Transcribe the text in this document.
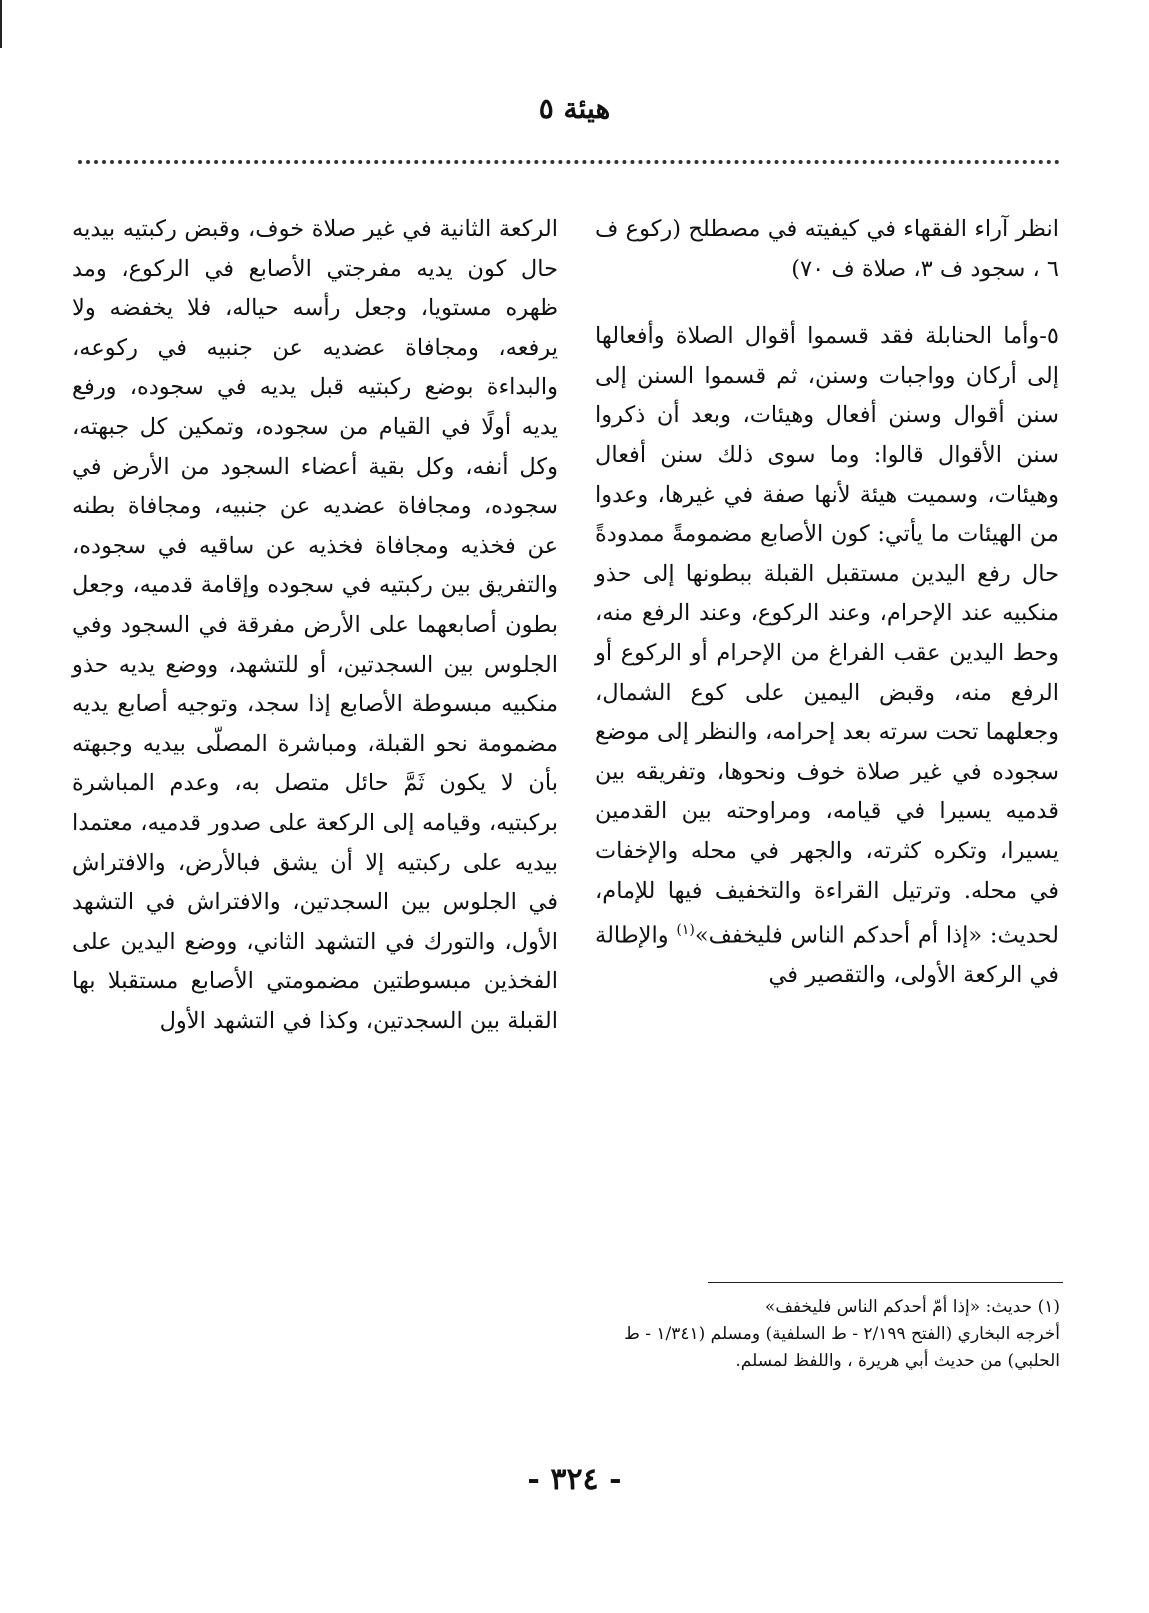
هيئة ٥

انظر آراء الفقهاء في كيفيته في مصطلح (ركوع ف ٦ ، سجود ف ٣، صلاة ف ٧٠)

٥-وأما الحنابلة فقد قسموا أقوال الصلاة وأفعالها إلى أركان وواجبات وسنن، ثم قسموا السنن إلى سنن أقوال وسنن أفعال وهيئات، وبعد أن ذكروا سنن الأقوال قالوا: وما سوى ذلك سنن أفعال وهيئات، وسميت هيئة لأنها صفة في غيرها، وعدوا من الهيئات ما يأتي: كون الأصابع مضمومةً ممدودةً حال رفع اليدين مستقبل القبلة ببطونها إلى حذو منكبيه عند الإحرام، وعند الركوع، وعند الرفع منه، وحط اليدين عقب الفراغ من الإحرام أو الركوع أو الرفع منه، وقبض اليمين على كوع الشمال، وجعلهما تحت سرته بعد إحرامه، والنظر إلى موضع سجوده في غير صلاة خوف ونحوها، وتفريقه بين قدميه يسيرا في قيامه، ومراوحته بين القدمين يسيرا، وتكره كثرته، والجهر في محله والإخفات في محله. وترتيل القراءة والتخفيف فيها للإمام، لحديث: «إذا أم أحدكم الناس فليخفف»$^{(١)}$ والإطالة في الركعة الأولى، والتقصير في

الركعة الثانية في غير صلاة خوف، وقبض ركبتيه بيديه حال كون يديه مفرجتي الأصابع في الركوع، ومد ظهره مستويا، وجعل رأسه حياله، فلا يخفضه ولا يرفعه، ومجافاة عضديه عن جنبيه في ركوعه، والبداءة بوضع ركبتيه قبل يديه في سجوده، ورفع يديه أولًا في القيام من سجوده، وتمكين كل جبهته، وكل أنفه، وكل بقية أعضاء السجود من الأرض في سجوده، ومجافاة عضديه عن جنبيه، ومجافاة بطنه عن فخذيه ومجافاة فخذيه عن ساقيه في سجوده، والتفريق بين ركبتيه في سجوده وإقامة قدميه، وجعل بطون أصابعهما على الأرض مفرقة في السجود وفي الجلوس بين السجدتين، أو للتشهد، ووضع يديه حذو منكبيه مبسوطة الأصابع إذا سجد، وتوجيه أصابع يديه مضمومة نحو القبلة، ومباشرة المصلّى بيديه وجبهته بأن لا يكون ثَمَّ حائل متصل به، وعدم المباشرة بركبتيه، وقيامه إلى الركعة على صدور قدميه، معتمدا بيديه على ركبتيه إلا أن يشق فبالأرض، والافتراش في الجلوس بين السجدتين، والافتراش في التشهد الأول، والتورك في التشهد الثاني، ووضع اليدين على الفخذين مبسوطتين مضمومتي الأصابع مستقبلا بها القبلة بين السجدتين، وكذا في التشهد الأول

(١) حديث: «إذا أمّ أحدكم الناس فليخفف»

أخرجه البخاري (الفتح ٢/١٩٩ - ط السلفية) ومسلم (١/٣٤١ - ط الحلبي) من حديث أبي هريرة ، واللفظ لمسلم.

- ٣٢٤ -
